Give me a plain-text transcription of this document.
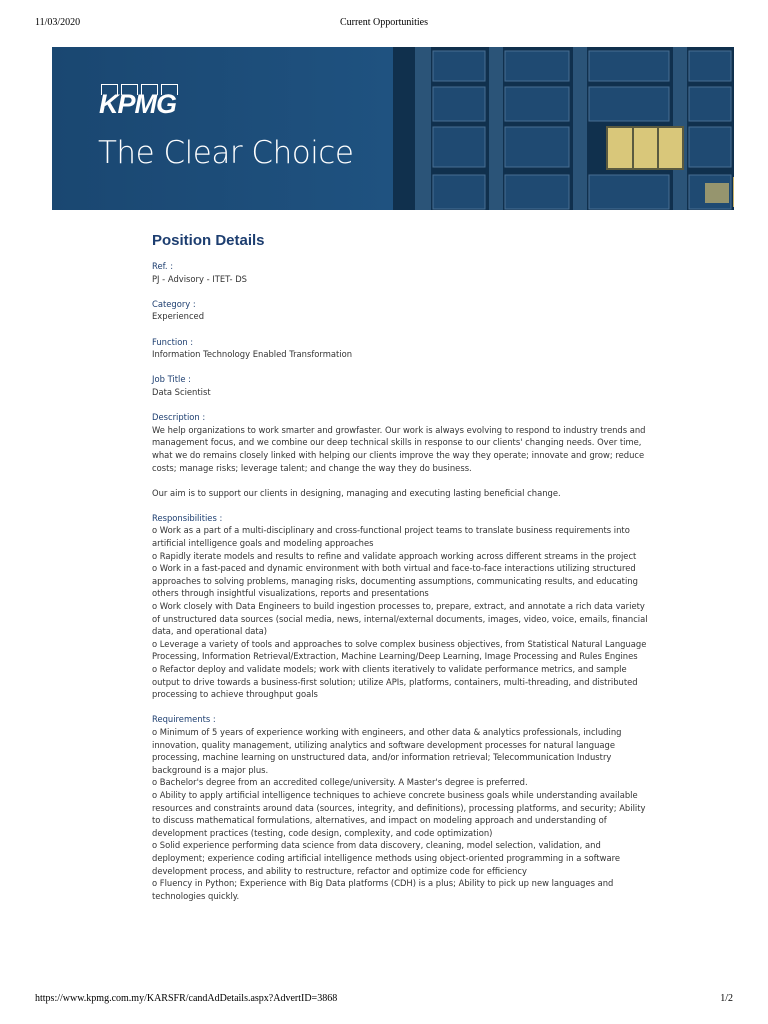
11/03/2020	Current Opportunities
KPMG
The Clear Choice
Position Details
Ref. :
PJ - Advisory - ITET- DS
Category :
Experienced
Function :
Information Technology Enabled Transformation
Job Title :
Data Scientist
Description :
We help organizations to work smarter and growfaster. Our work is always evolving to respond to industry trends and management focus, and we combine our deep technical skills in response to our clients' changing needs. Over time, what we do remains closely linked with helping our clients improve the way they operate; innovate and grow; reduce costs; manage risks; leverage talent; and change the way they do business.
Our aim is to support our clients in designing, managing and executing lasting beneficial change.
Responsibilities :
o Work as a part of a multi-disciplinary and cross-functional project teams to translate business requirements into artificial intelligence goals and modeling approaches
o Rapidly iterate models and results to refine and validate approach working across different streams in the project
o Work in a fast-paced and dynamic environment with both virtual and face-to-face interactions utilizing structured approaches to solving problems, managing risks, documenting assumptions, communicating results, and educating others through insightful visualizations, reports and presentations
o Work closely with Data Engineers to build ingestion processes to, prepare, extract, and annotate a rich data variety of unstructured data sources (social media, news, internal/external documents, images, video, voice, emails, financial data, and operational data)
o Leverage a variety of tools and approaches to solve complex business objectives, from Statistical Natural Language Processing, Information Retrieval/Extraction, Machine Learning/Deep Learning, Image Processing and Rules Engines
o Refactor deploy and validate models; work with clients iteratively to validate performance metrics, and sample output to drive towards a business-first solution; utilize APIs, platforms, containers, multi-threading, and distributed processing to achieve throughput goals
Requirements :
o Minimum of 5 years of experience working with engineers, and other data & analytics professionals, including innovation, quality management, utilizing analytics and software development processes for natural language processing, machine learning on unstructured data, and/or information retrieval; Telecommunication Industry background is a major plus.
o Bachelor's degree from an accredited college/university. A Master's degree is preferred.
o Ability to apply artificial intelligence techniques to achieve concrete business goals while understanding available resources and constraints around data (sources, integrity, and definitions), processing platforms, and security; Ability to discuss mathematical formulations, alternatives, and impact on modeling approach and understanding of development practices (testing, code design, complexity, and code optimization)
o Solid experience performing data science from data discovery, cleaning, model selection, validation, and deployment; experience coding artificial intelligence methods using object-oriented programming in a software development process, and ability to restructure, refactor and optimize code for efficiency
o Fluency in Python; Experience with Big Data platforms (CDH) is a plus; Ability to pick up new languages and technologies quickly.
https://www.kpmg.com.my/KARSFR/candAdDetails.aspx?AdvertID=3868	1/2
